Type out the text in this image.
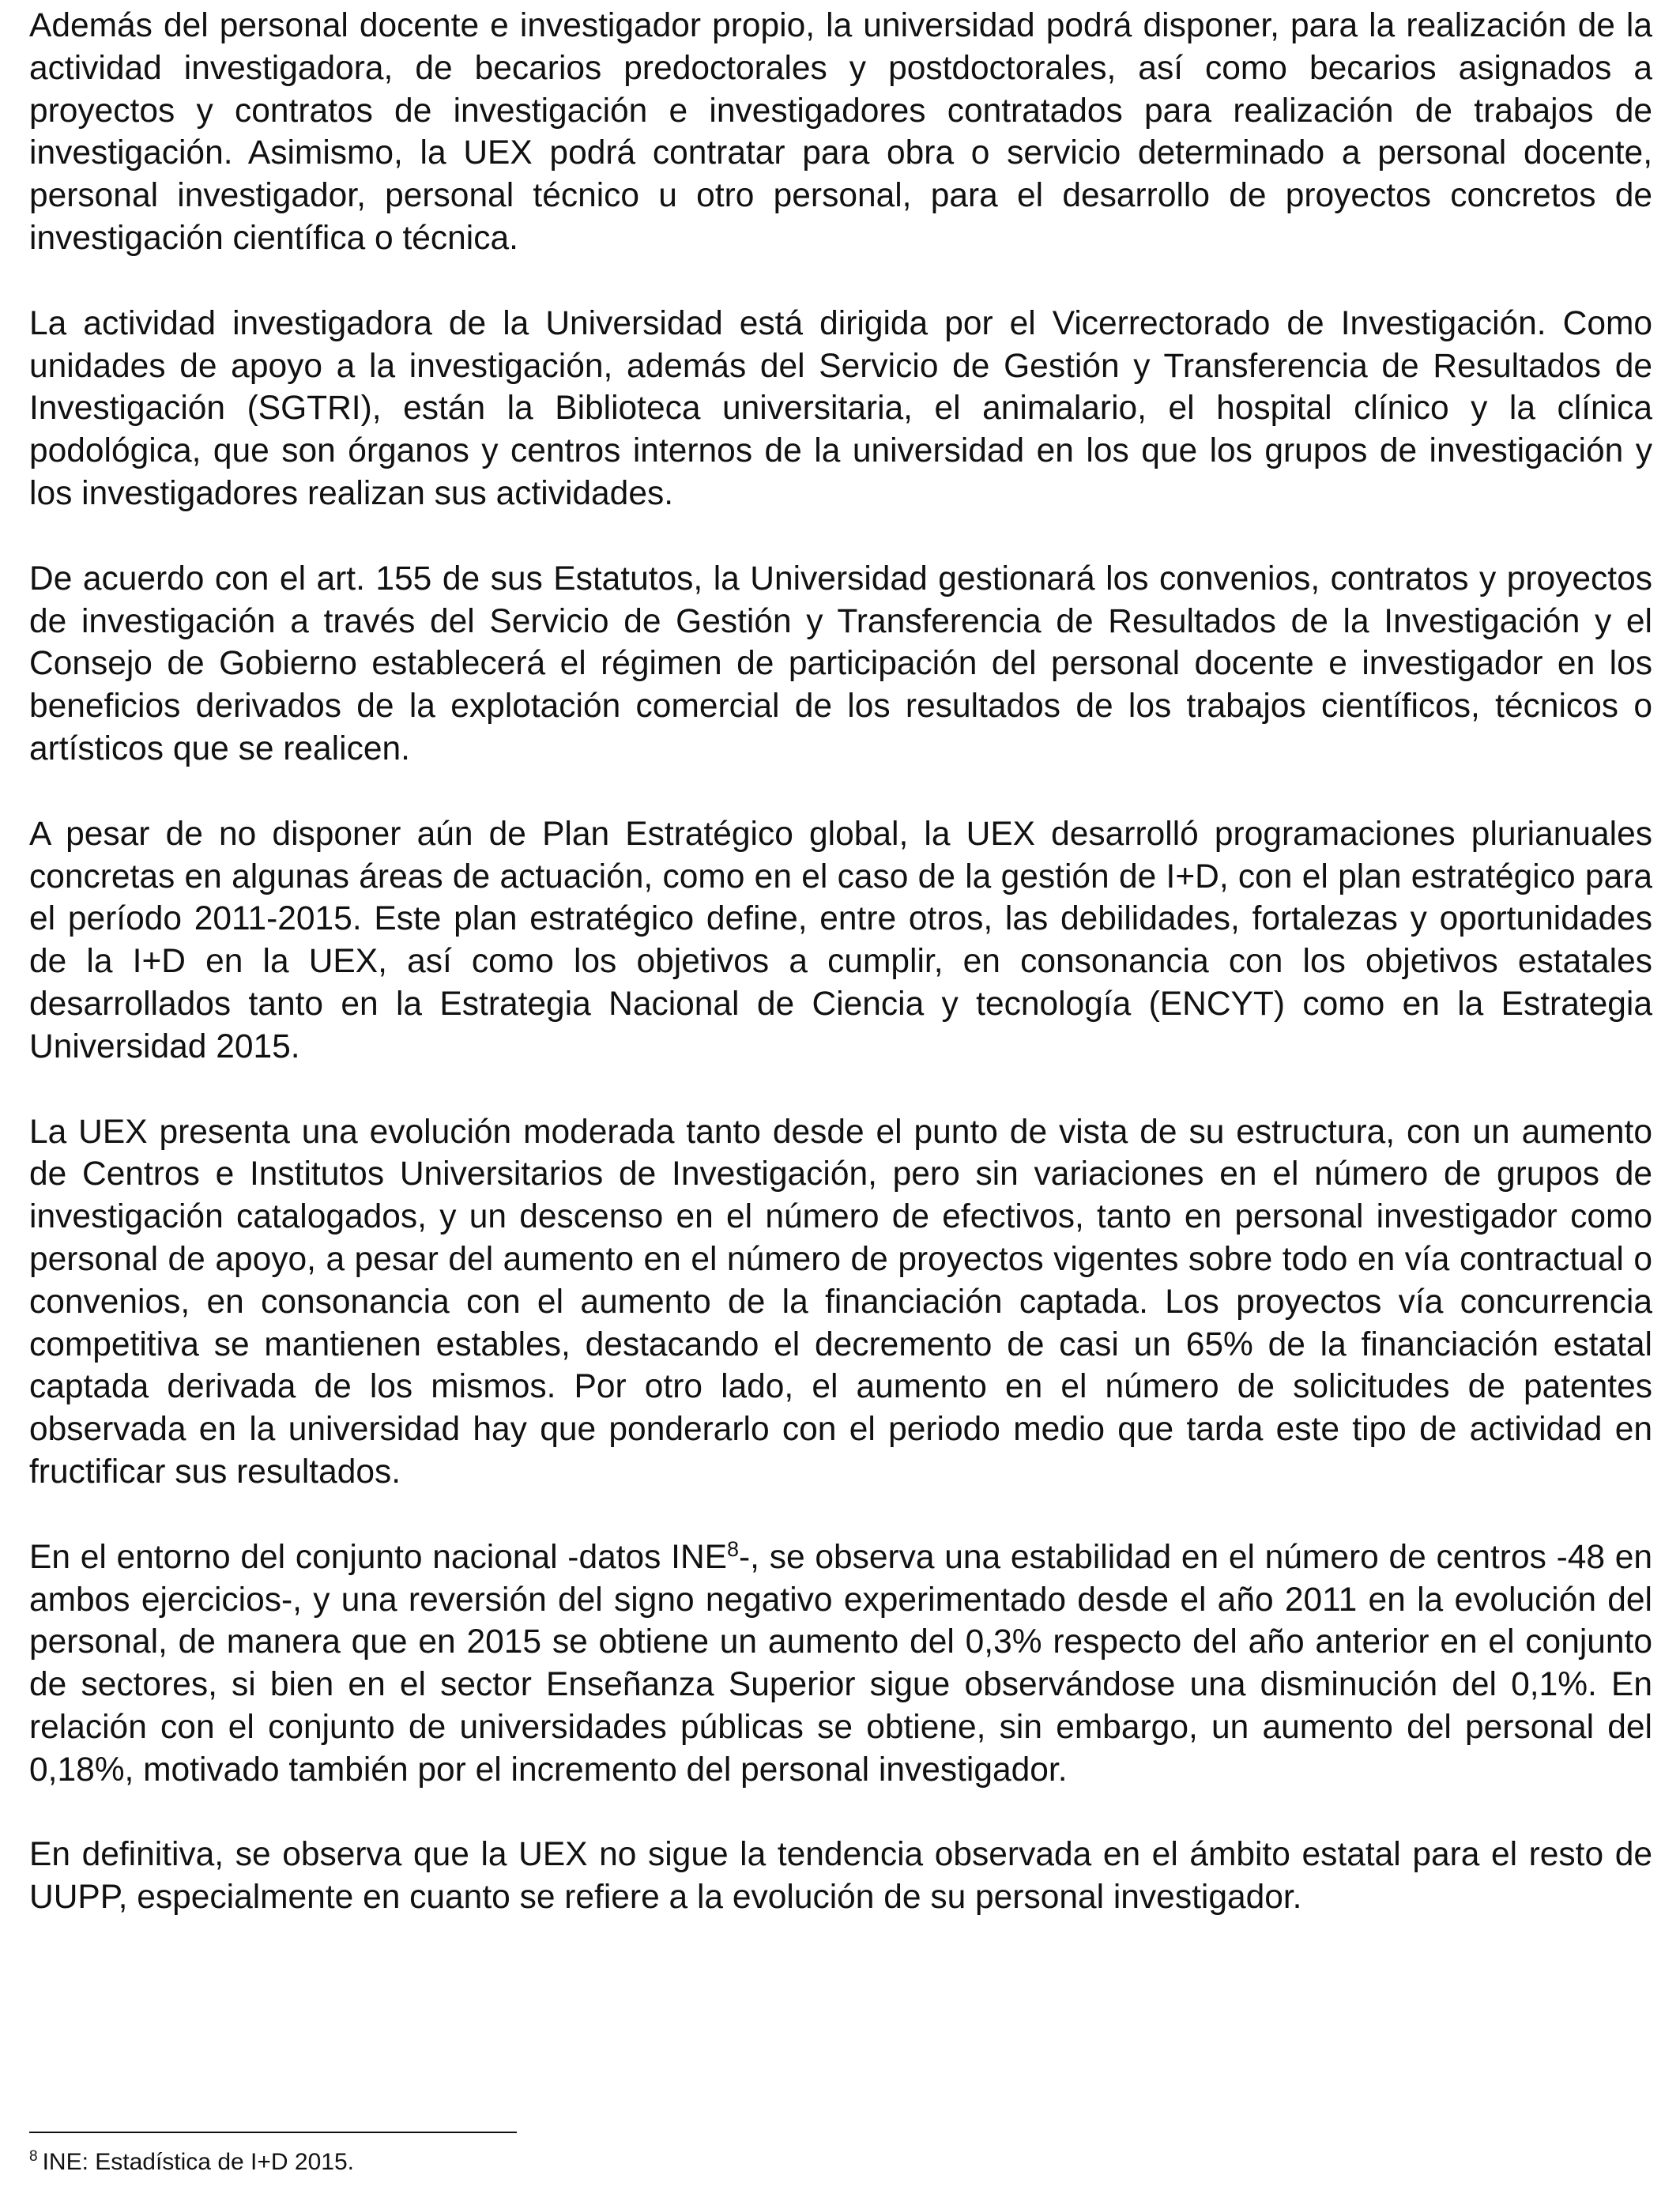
Además del personal docente e investigador propio, la universidad podrá disponer, para la realización de la actividad investigadora, de becarios predoctorales y postdoctorales, así como becarios asignados a proyectos y contratos de investigación e investigadores contratados para realización de trabajos de investigación. Asimismo, la UEX podrá contratar para obra o servicio determinado a personal docente, personal investigador, personal técnico u otro personal, para el desarrollo de proyectos concretos de investigación científica o técnica.

La actividad investigadora de la Universidad está dirigida por el Vicerrectorado de Investigación. Como unidades de apoyo a la investigación, además del Servicio de Gestión y Transferencia de Resultados de Investigación (SGTRI), están la Biblioteca universitaria, el animalario, el hospital clínico y la clínica podológica, que son órganos y centros internos de la universidad en los que los grupos de investigación y los investigadores realizan sus actividades.

De acuerdo con el art. 155 de sus Estatutos, la Universidad gestionará los convenios, contratos y proyectos de investigación a través del Servicio de Gestión y Transferencia de Resultados de la Investigación y el Consejo de Gobierno establecerá el régimen de participación del personal docente e investigador en los beneficios derivados de la explotación comercial de los resultados de los trabajos científicos, técnicos o artísticos que se realicen.

A pesar de no disponer aún de Plan Estratégico global, la UEX desarrolló programaciones plurianuales concretas en algunas áreas de actuación, como en el caso de la gestión de I+D, con el plan estratégico para el período 2011-2015. Este plan estratégico define, entre otros, las debilidades, fortalezas y oportunidades de la I+D en la UEX, así como los objetivos a cumplir, en consonancia con los objetivos estatales desarrollados tanto en la Estrategia Nacional de Ciencia y tecnología (ENCYT) como en la Estrategia Universidad 2015.

La UEX presenta una evolución moderada tanto desde el punto de vista de su estructura, con un aumento de Centros e Institutos Universitarios de Investigación, pero sin variaciones en el número de grupos de investigación catalogados, y un descenso en el número de efectivos, tanto en personal investigador como personal de apoyo, a pesar del aumento en el número de proyectos vigentes sobre todo en vía contractual o convenios, en consonancia con el aumento de la financiación captada. Los proyectos vía concurrencia competitiva se mantienen estables, destacando el decremento de casi un 65% de la financiación estatal captada derivada de los mismos. Por otro lado, el aumento en el número de solicitudes de patentes observada en la universidad hay que ponderarlo con el periodo medio que tarda este tipo de actividad en fructificar sus resultados.

En el entorno del conjunto nacional -datos INE$^8$-, se observa una estabilidad en el número de centros -48 en ambos ejercicios-, y una reversión del signo negativo experimentado desde el año 2011 en la evolución del personal, de manera que en 2015 se obtiene un aumento del 0,3% respecto del año anterior en el conjunto de sectores, si bien en el sector Enseñanza Superior sigue observándose una disminución del 0,1%. En relación con el conjunto de universidades públicas se obtiene, sin embargo, un aumento del personal del 0,18%, motivado también por el incremento del personal investigador.

En definitiva, se observa que la UEX no sigue la tendencia observada en el ámbito estatal para el resto de UUPP, especialmente en cuanto se refiere a la evolución de su personal investigador.

$^8$ INE: Estadística de I+D 2015.
